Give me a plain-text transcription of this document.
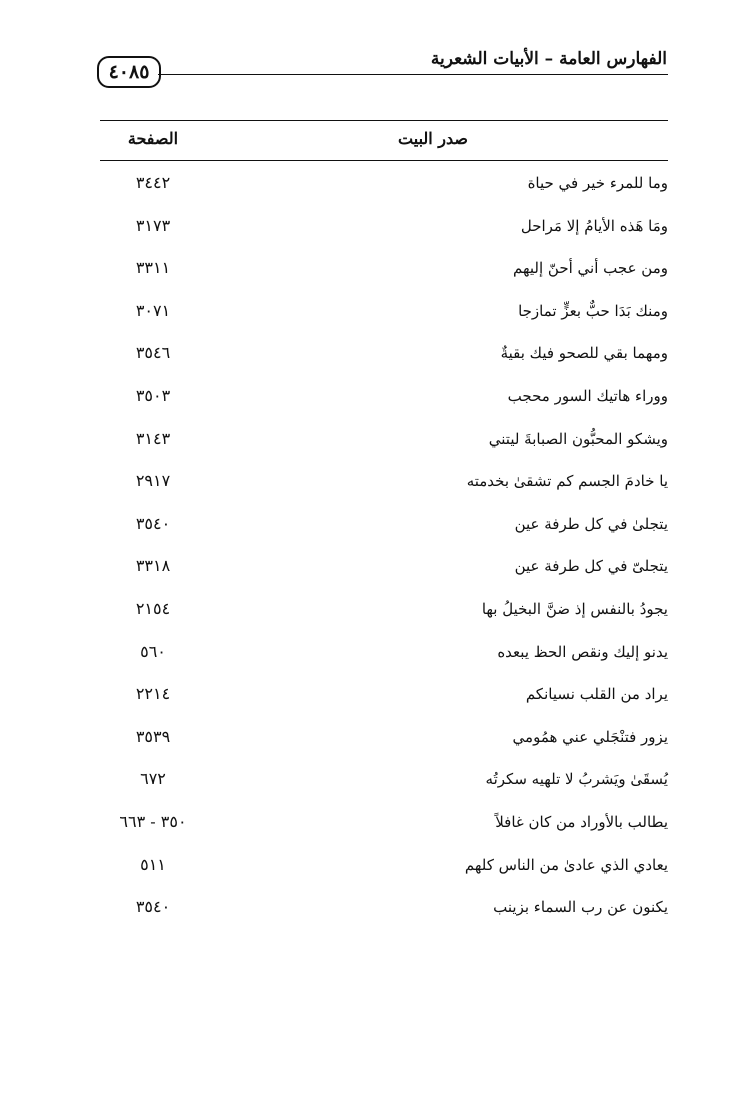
الفهارس العامة – الأبيات الشعرية
٤٠٨٥
صدر البيت
الصفحة
وما للمرء خير في حياة
٣٤٤٢
ومَا هَذه الأيامُ إلا مَراحل
٣١٧٣
ومن عجب أني أحنّ إليهم
٣٣١١
ومنك بَدَا حبٌّ بعزٍّ تمازجا
٣٠٧١
ومهما بقي للصحو فيك بقيةٌ
٣٥٤٦
ووراء هاتيك السور محجب
٣٥٠٣
ويشكو المحبُّون الصبابةَ ليتني
٣١٤٣
يا خادمَ الجسم كم تشقىٰ بخدمته
٢٩١٧
يتجلىٰ في كل طرفة عين
٣٥٤٠
يتجلىّ في كل طرفة عين
٣٣١٨
يجودُ بالنفس إذ ضنَّ البخيلُ بها
٢١٥٤
يدنو إليك ونقص الحظ يبعده
٥٦٠
يراد من القلب نسيانكم
٢٢١٤
يزور فتنْجَلي عني همُومي
٣٥٣٩
يُسقَىٰ ويَشربُ لا تلهيه سكرتُه
٦٧٢
يطالب بالأوراد من كان غافلاً
٣٥٠ - ٦٦٣
يعادي الذي عادىٰ من الناس كلهم
٥١١
يكنون عن رب السماء بزينب
٣٥٤٠
